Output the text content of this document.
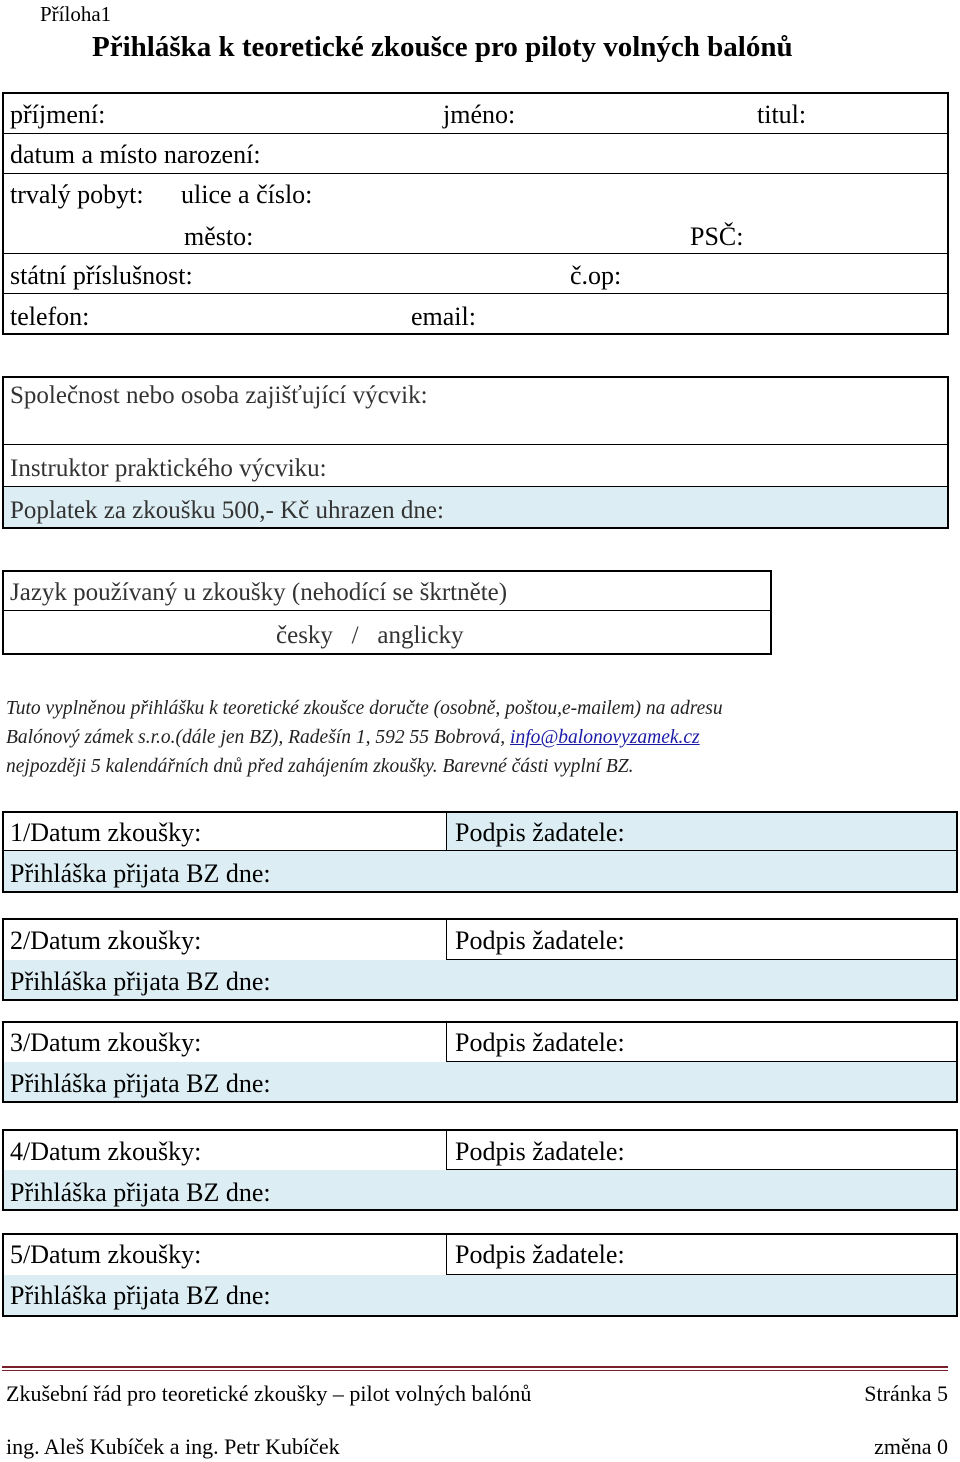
Příloha1
Přihláška k teoretické zkoušce pro piloty volných balónů
příjmení:	jméno:	titul:
datum a místo narození:
trvalý pobyt: ulice a číslo:
město:	PSČ:
státní příslušnost:	č.op:
telefon:	email:
Společnost nebo osoba zajišťující výcvik:
Instruktor praktického výcviku:
Poplatek za zkoušku 500,- Kč uhrazen dne:
Jazyk používaný u zkoušky (nehodící se škrtněte)
česky   /   anglicky
Tuto vyplněnou přihlášku k teoretické zkoušce doručte (osobně, poštou,e-mailem) na adresu
Balónový zámek s.r.o.(dále jen BZ), Radešín 1, 592 55 Bobrová, info@balonovyzamek.cz
nejpozději 5 kalendářních dnů před zahájením zkoušky. Barevné části vyplní BZ.
1/Datum zkoušky:	Podpis žadatele:
Přihláška přijata BZ dne:
2/Datum zkoušky:	Podpis žadatele:
Přihláška přijata BZ dne:
3/Datum zkoušky:	Podpis žadatele:
Přihláška přijata BZ dne:
4/Datum zkoušky:	Podpis žadatele:
Přihláška přijata BZ dne:
5/Datum zkoušky:	Podpis žadatele:
Přihláška přijata BZ dne:
Zkušební řád pro teoretické zkoušky – pilot volných balónů	Stránka 5
ing. Aleš Kubíček a ing. Petr Kubíček	změna 0
